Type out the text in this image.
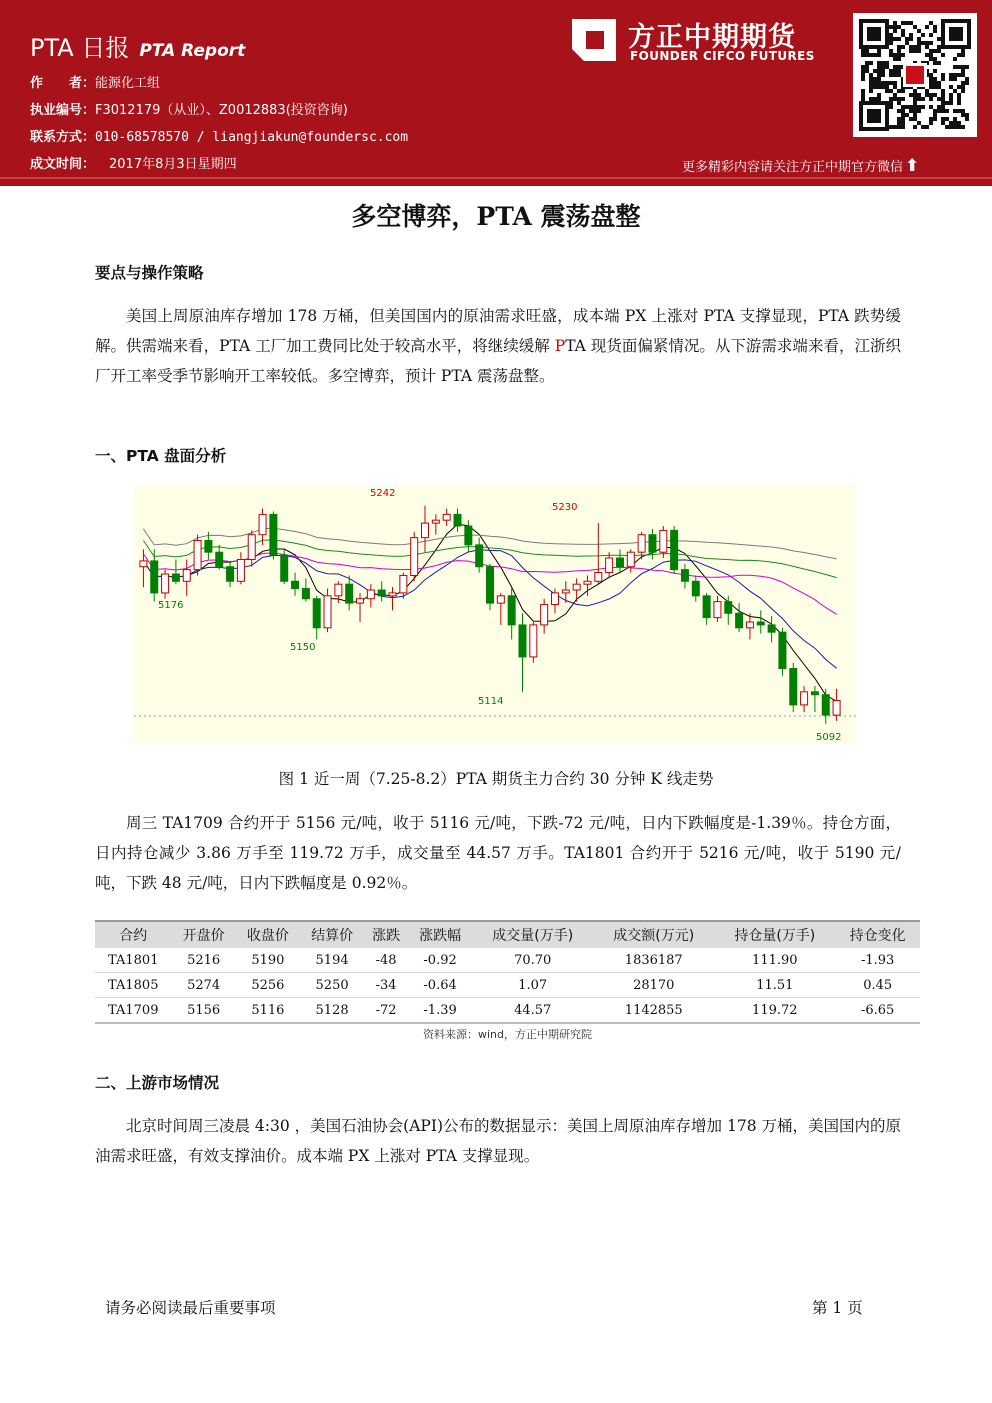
PTA 日报 PTA Report
作　　者：能源化工组
执业编号：F3012179（从业）、Z0012883(投资咨询)
联系方式：010-68578570 / liangjiakun@foundersc.com
成文时间： 2017年8月3日星期四
方正中期期货
FOUNDER CIFCO FUTURES
更多精彩内容请关注方正中期官方微信 ⬆
多空博弈，PTA 震荡盘整
要点与操作策略
美国上周原油库存增加 178 万桶，但美国国内的原油需求旺盛，成本端 PX 上涨对 PTA 支撑显现，PTA 跌势缓解。供需端来看，PTA 工厂加工费同比处于较高水平，将继续缓解 PTA 现货面偏紧情况。从下游需求端来看，江浙织厂开工率受季节影响开工率较低。多空博弈，预计 PTA 震荡盘整。
一、PTA 盘面分析
5242
5230
5176
5150
5114
5092
图 1 近一周（7.25-8.2）PTA 期货主力合约 30 分钟 K 线走势
周三 TA1709 合约开于 5156 元/吨，收于 5116 元/吨，下跌-72 元/吨，日内下跌幅度是-1.39％。持仓方面，日内持仓减少 3.86 万手至 119.72 万手，成交量至 44.57 万手。TA1801 合约开于 5216 元/吨，收于 5190 元/吨，下跌 48 元/吨，日内下跌幅度是 0.92％。
合约	开盘价	收盘价	结算价	涨跌	涨跌幅	成交量(万手)	成交额(万元)	持仓量(万手)	持仓变化
TA1801	5216	5190	5194	-48	-0.92	70.70	1836187	111.90	-1.93
TA1805	5274	5256	5250	-34	-0.64	1.07	28170	11.51	0.45
TA1709	5156	5116	5128	-72	-1.39	44.57	1142855	119.72	-6.65
资料来源：wind，方正中期研究院
二、上游市场情况
北京时间周三凌晨 4:30 ，美国石油协会(API)公布的数据显示：美国上周原油库存增加 178 万桶，美国国内的原油需求旺盛，有效支撑油价。成本端 PX 上涨对 PTA 支撑显现。
请务必阅读最后重要事项	第 1 页
